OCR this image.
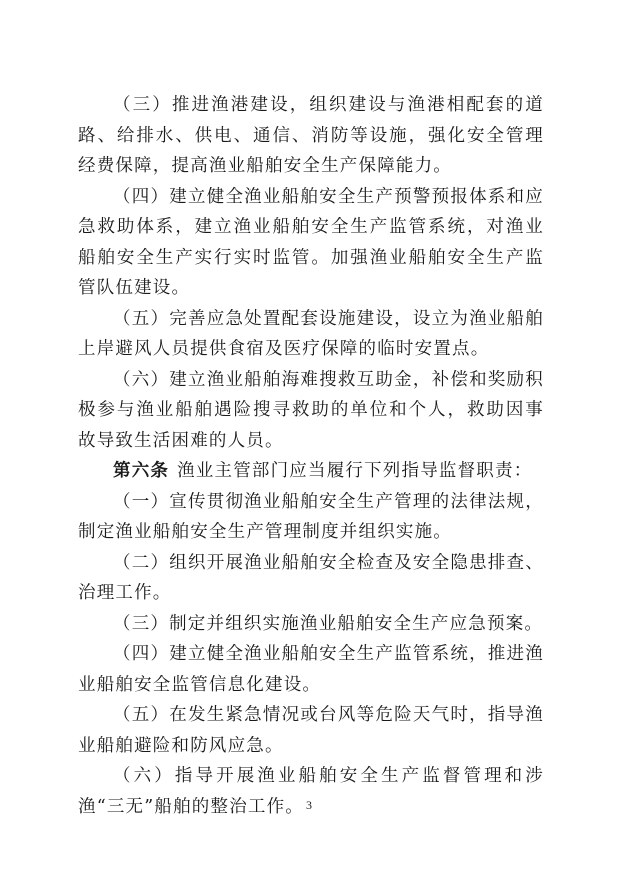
（三）推进渔港建设，组织建设与渔港相配套的道路、给排水、供电、通信、消防等设施，强化安全管理经费保障，提高渔业船舶安全生产保障能力。

（四）建立健全渔业船舶安全生产预警预报体系和应急救助体系，建立渔业船舶安全生产监管系统，对渔业船舶安全生产实行实时监管。加强渔业船舶安全生产监管队伍建设。

（五）完善应急处置配套设施建设，设立为渔业船舶上岸避风人员提供食宿及医疗保障的临时安置点。

（六）建立渔业船舶海难搜救互助金，补偿和奖励积极参与渔业船舶遇险搜寻救助的单位和个人，救助因事故导致生活困难的人员。

第六条 渔业主管部门应当履行下列指导监督职责：

（一）宣传贯彻渔业船舶安全生产管理的法律法规，制定渔业船舶安全生产管理制度并组织实施。

（二）组织开展渔业船舶安全检查及安全隐患排查、治理工作。

（三）制定并组织实施渔业船舶安全生产应急预案。

（四）建立健全渔业船舶安全生产监管系统，推进渔业船舶安全监管信息化建设。

（五）在发生紧急情况或台风等危险天气时，指导渔业船舶避险和防风应急。

（六）指导开展渔业船舶安全生产监督管理和涉渔“三无”船舶的整治工作。 3
